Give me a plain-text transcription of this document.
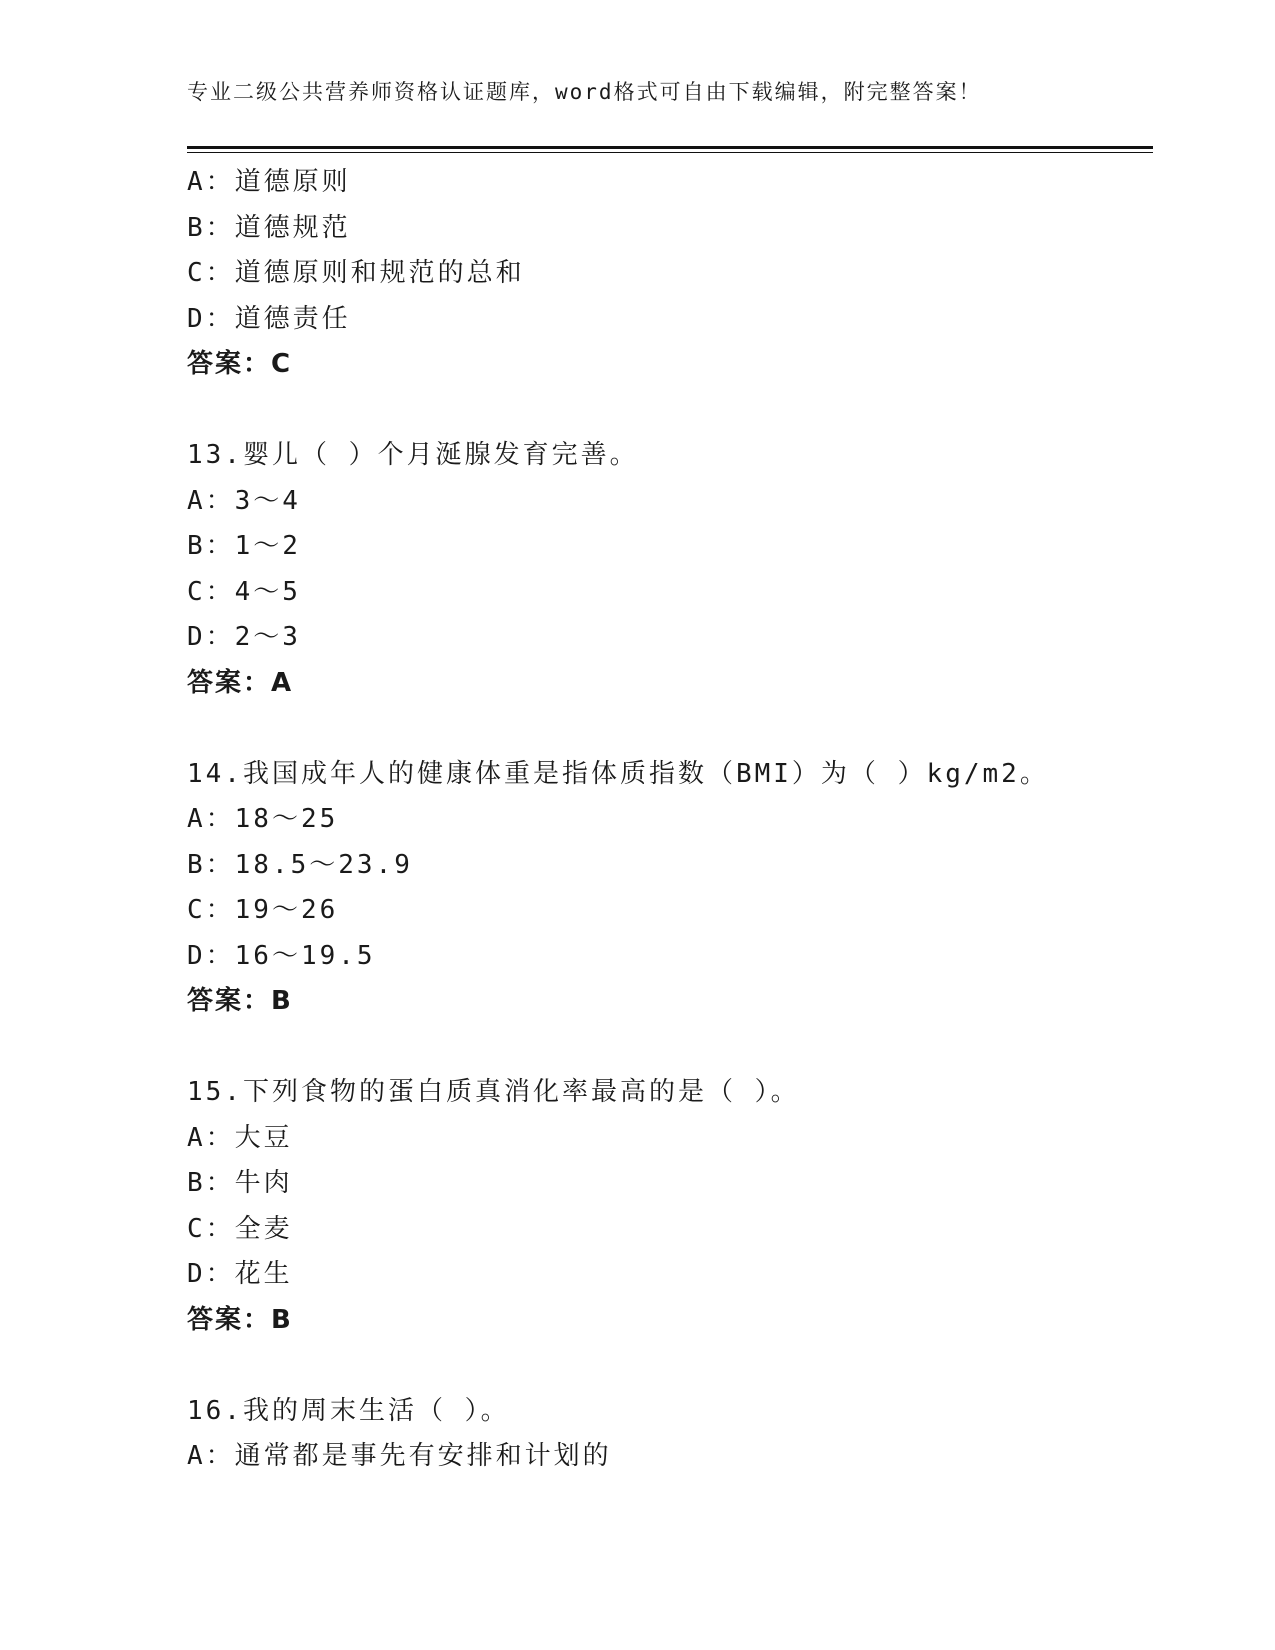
专业二级公共营养师资格认证题库，word格式可自由下载编辑，附完整答案！
A：道德原则
B：道德规范
C：道德原则和规范的总和
D：道德责任
答案：C
13.婴儿（ ）个月涎腺发育完善。
A：3～4
B：1～2
C：4～5
D：2～3
答案：A
14.我国成年人的健康体重是指体质指数（BMI）为（ ）kg/m2。
A：18～25
B：18.5～23.9
C：19～26
D：16～19.5
答案：B
15.下列食物的蛋白质真消化率最高的是（ ）。
A：大豆
B：牛肉
C：全麦
D：花生
答案：B
16.我的周末生活（ ）。
A：通常都是事先有安排和计划的
